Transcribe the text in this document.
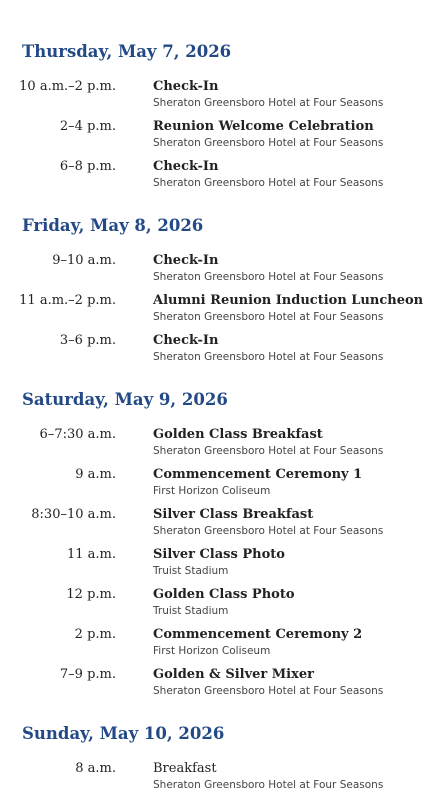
Thursday, May 7, 2026
10 a.m.–2 p.m.	Check-In
Sheraton Greensboro Hotel at Four Seasons
2–4 p.m.	Reunion Welcome Celebration
Sheraton Greensboro Hotel at Four Seasons
6–8 p.m.	Check-In
Sheraton Greensboro Hotel at Four Seasons
Friday, May 8, 2026
9–10 a.m.	Check-In
Sheraton Greensboro Hotel at Four Seasons
11 a.m.–2 p.m.	Alumni Reunion Induction Luncheon
Sheraton Greensboro Hotel at Four Seasons
3–6 p.m.	Check-In
Sheraton Greensboro Hotel at Four Seasons
Saturday, May 9, 2026
6–7:30 a.m.	Golden Class Breakfast
Sheraton Greensboro Hotel at Four Seasons
9 a.m.	Commencement Ceremony 1
First Horizon Coliseum
8:30–10 a.m.	Silver Class Breakfast
Sheraton Greensboro Hotel at Four Seasons
11 a.m.	Silver Class Photo
Truist Stadium
12 p.m.	Golden Class Photo
Truist Stadium
2 p.m.	Commencement Ceremony 2
First Horizon Coliseum
7–9 p.m.	Golden & Silver Mixer
Sheraton Greensboro Hotel at Four Seasons
Sunday, May 10, 2026
8 a.m.	Breakfast
Sheraton Greensboro Hotel at Four Seasons
